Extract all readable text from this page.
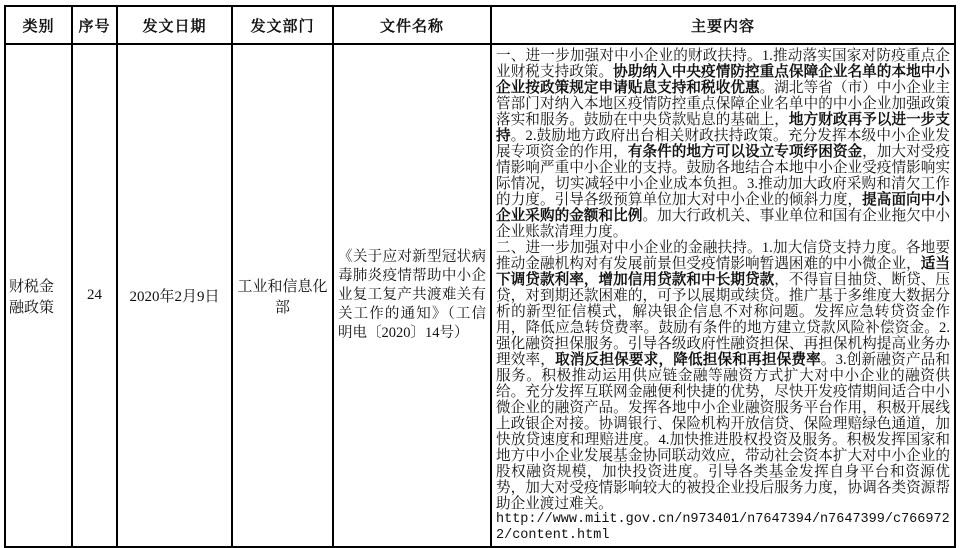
类别	序号	发文日期	发文部门	文件名称	主要内容
财税金融政策	24	2020年2月9日	工业和信息化部	《关于应对新型冠状病毒肺炎疫情帮助中小企业复工复产共渡难关有关工作的通知》（工信明电〔2020〕14号）	一、进一步加强对中小企业的财政扶持。1.推动落实国家对防疫重点企业财税支持政策。协助纳入中央疫情防控重点保障企业名单的本地中小企业按政策规定申请贴息支持和税收优惠。湖北等省（市）中小企业主管部门对纳入本地区疫情防控重点保障企业名单中的中小企业加强政策落实和服务。鼓励在中央贷款贴息的基础上，地方财政再予以进一步支持。2.鼓励地方政府出台相关财政扶持政策。充分发挥本级中小企业发展专项资金的作用，有条件的地方可以设立专项纾困资金，加大对受疫情影响严重中小企业的支持。鼓励各地结合本地中小企业受疫情影响实际情况，切实减轻中小企业成本负担。3.推动加大政府采购和清欠工作的力度。引导各级预算单位加大对中小企业的倾斜力度，提高面向中小企业采购的金额和比例。加大行政机关、事业单位和国有企业拖欠中小企业账款清理力度。
二、进一步加强对中小企业的金融扶持。1.加大信贷支持力度。各地要推动金融机构对有发展前景但受疫情影响暂遇困难的中小微企业，适当下调贷款利率，增加信用贷款和中长期贷款，不得盲目抽贷、断贷、压贷，对到期还款困难的，可予以展期或续贷。推广基于多维度大数据分析的新型征信模式，解决银企信息不对称问题。发挥应急转贷资金作用，降低应急转贷费率。鼓励有条件的地方建立贷款风险补偿资金。2.强化融资担保服务。引导各级政府性融资担保、再担保机构提高业务办理效率，取消反担保要求，降低担保和再担保费率。3.创新融资产品和服务。积极推动运用供应链金融等融资方式扩大对中小企业的融资供给。充分发挥互联网金融便利快捷的优势，尽快开发疫情期间适合中小微企业的融资产品。发挥各地中小企业融资服务平台作用，积极开展线上政银企对接。协调银行、保险机构开放信贷、保险理赔绿色通道，加快放贷速度和理赔进度。4.加快推进股权投资及服务。积极发挥国家和地方中小企业发展基金协同联动效应，带动社会资本扩大对中小企业的股权融资规模，加快投资进度。引导各类基金发挥自身平台和资源优势，加大对受疫情影响较大的被投企业投后服务力度，协调各类资源帮助企业渡过难关。
http://www.miit.gov.cn/n973401/n7647394/n7647399/c7669722/content.html
